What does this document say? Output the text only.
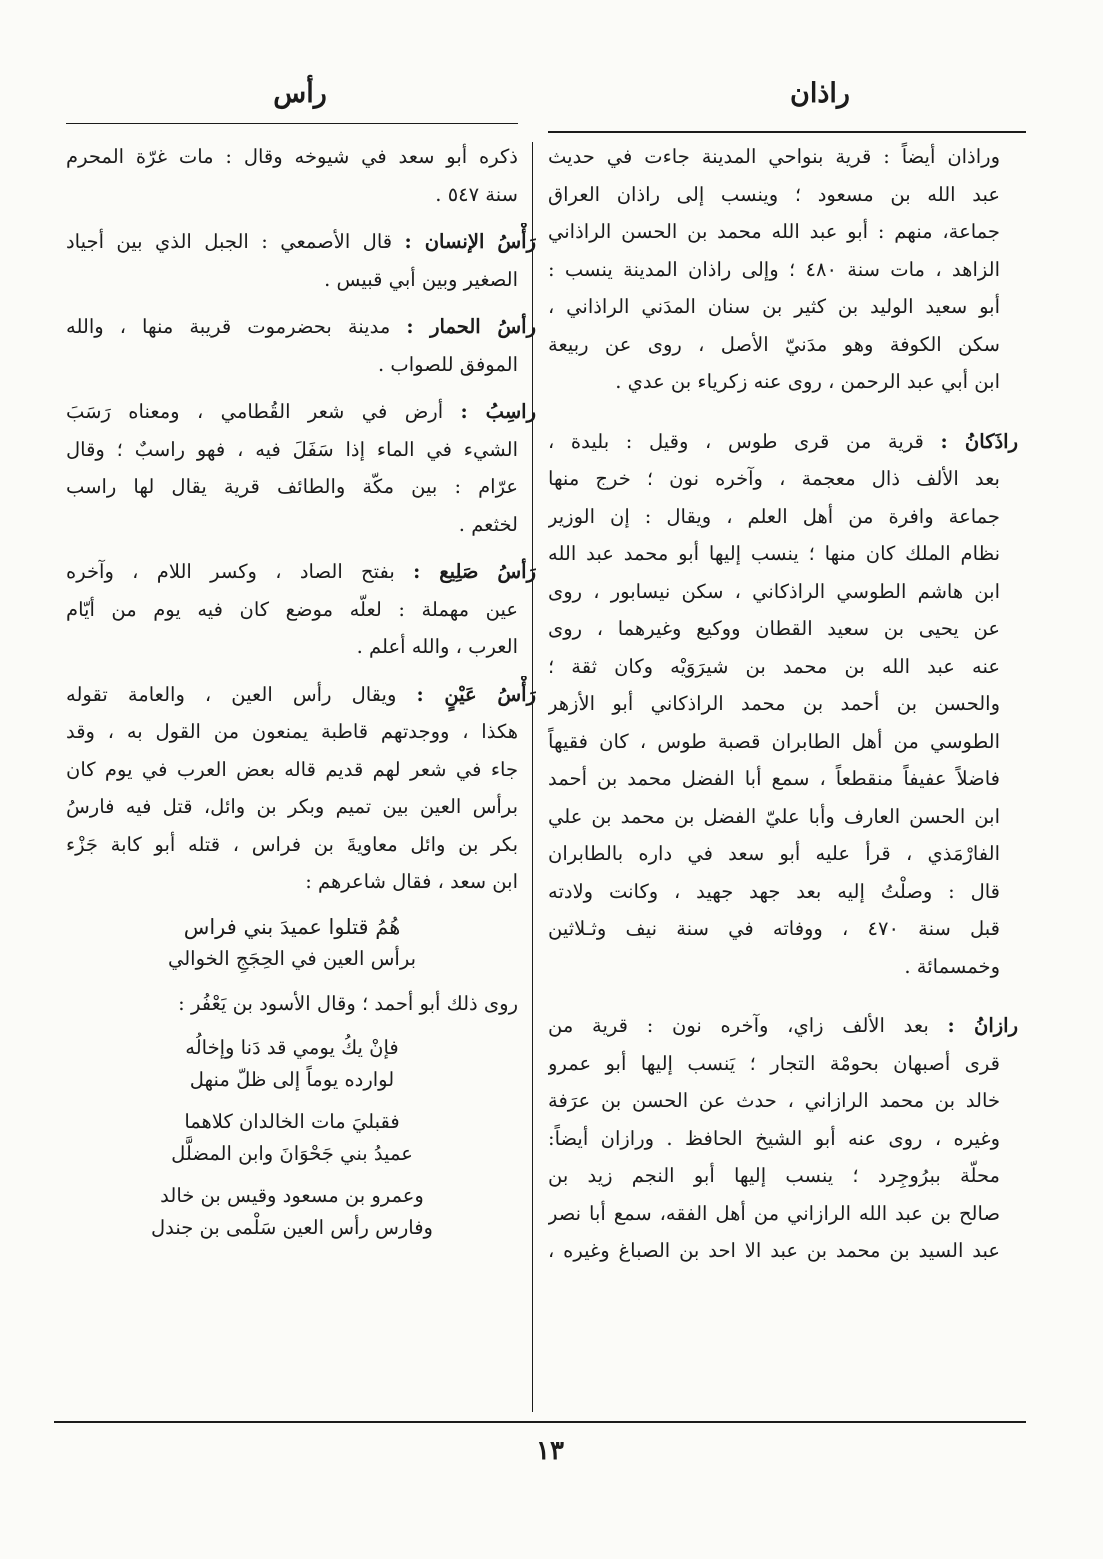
راذان
رأس
وراذان أيضاً : قرية بنواحي المدينة جاءت في حديث
عبد الله بن مسعود ؛ وينسب إلى راذان العراق
جماعة، منهم : أبو عبد الله محمد بن الحسن الراذاني
الزاهد ، مات سنة ٤٨٠ ؛ وإلى راذان المدينة ينسب :
أبو سعيد الوليد بن كثير بن سنان المدَني الراذاني ،
سكن الكوفة وهو مدَنيّ الأصل ، روى عن ربيعة
ابن أبي عبد الرحمن ، روى عنه زكرياء بن عدي .
راذَكانُ : قرية من قرى طوس ، وقيل : بليدة ،
بعد الألف ذال معجمة ، وآخره نون ؛ خرج منها
جماعة وافرة من أهل العلم ، ويقال : إن الوزير
نظام الملك كان منها ؛ ينسب إليها أبو محمد عبد الله
ابن هاشم الطوسي الراذكاني ، سكن نيسابور ، روى
عن يحيى بن سعيد القطان ووكيع وغيرهما ، روى
عنه عبد الله بن محمد بن شيرَوَيْه وكان ثقة ؛
والحسن بن أحمد بن محمد الراذكاني أبو الأزهر
الطوسي من أهل الطابران قصبة طوس ، كان فقيهاً
فاضلاً عفيفاً منقطعاً ، سمع أبا الفضل محمد بن أحمد
ابن الحسن العارف وأبا عليّ الفضل بن محمد بن علي
الفارْمَذي ، قرأ عليه أبو سعد في داره بالطابران
قال : وصلْتُ إليه بعد جهد جهيد ، وكانت ولادته
قبل سنة ٤٧٠ ، ووفاته في سنة نيف وثـلاثين
وخمسمائة .
رازانُ : بعد الألف زاي، وآخره نون : قرية من
قرى أصبهان بحومْة التجار ؛ يَنسب إليها أبو عمرو
خالد بن محمد الرازاني ، حدث عن الحسن بن عرَفة
وغيره ، روى عنه أبو الشيخ الحافظ . ورازان أيضاً:
محلّة ببرُوجِرد ؛ ينسب إليها أبو النجم زيد بن
صالح بن عبد الله الرازاني من أهل الفقه، سمع أبا نصر
عبد السيد بن محمد بن عبد الا احد بن الصباغ وغيره ،
ذكره أبو سعد في شيوخه وقال : مات غرّة المحرم
سنة ٥٤٧ .
رَأْسُ الإنسان : قال الأصمعي : الجبل الذي بين أجياد
الصغير وبين أبي قبيس .
رأسُ الحمار : مدينة بحضرموت قريبة منها ، والله
الموفق للصواب .
راسِبُ : أرض في شعر القُطامي ، ومعناه رَسَبَ
الشيء في الماء إذا سَفَلَ فيه ، فهو راسبٌ ؛ وقال
عرّام : بين مكّة والطائف قرية يقال لها راسب
لخثعم .
رَأسُ صَلِيع : بفتح الصاد ، وكسر اللام ، وآخره
عين مهملة : لعلّه موضع كان فيه يوم من أيّام
العرب ، والله أعلم .
رَأْسُ عَيْنٍ : ويقال رأس العين ، والعامة تقوله
هكذا ، ووجدتهم قاطبة يمنعون من القول به ، وقد
جاء في شعر لهم قديم قاله بعض العرب في يوم كان
برأس العين بين تميم وبكر بن وائل، قتل فيه فارسُ
بكر بن وائل معاويةَ بن فراس ، قتله أبو كابة جَزْء
ابن سعد ، فقال شاعرهم :
هُمُ قتلوا عميدَ بني فراس
برأس العين في الحِجَجِ الخوالي
روى ذلك أبو أحمد ؛ وقال الأسود بن يَعْفُر :
فإنْ يكُ يومي قد دَنا وإخالُه
لوارده يوماً إلى ظلّ منهل
فقبليَ مات الخالدان كلاهما
عميدُ بني جَحْوَانَ وابن المضلَّل
وعمرو بن مسعود وقيس بن خالد
وفارس رأس العين سَلْمى بن جندل
١٣
